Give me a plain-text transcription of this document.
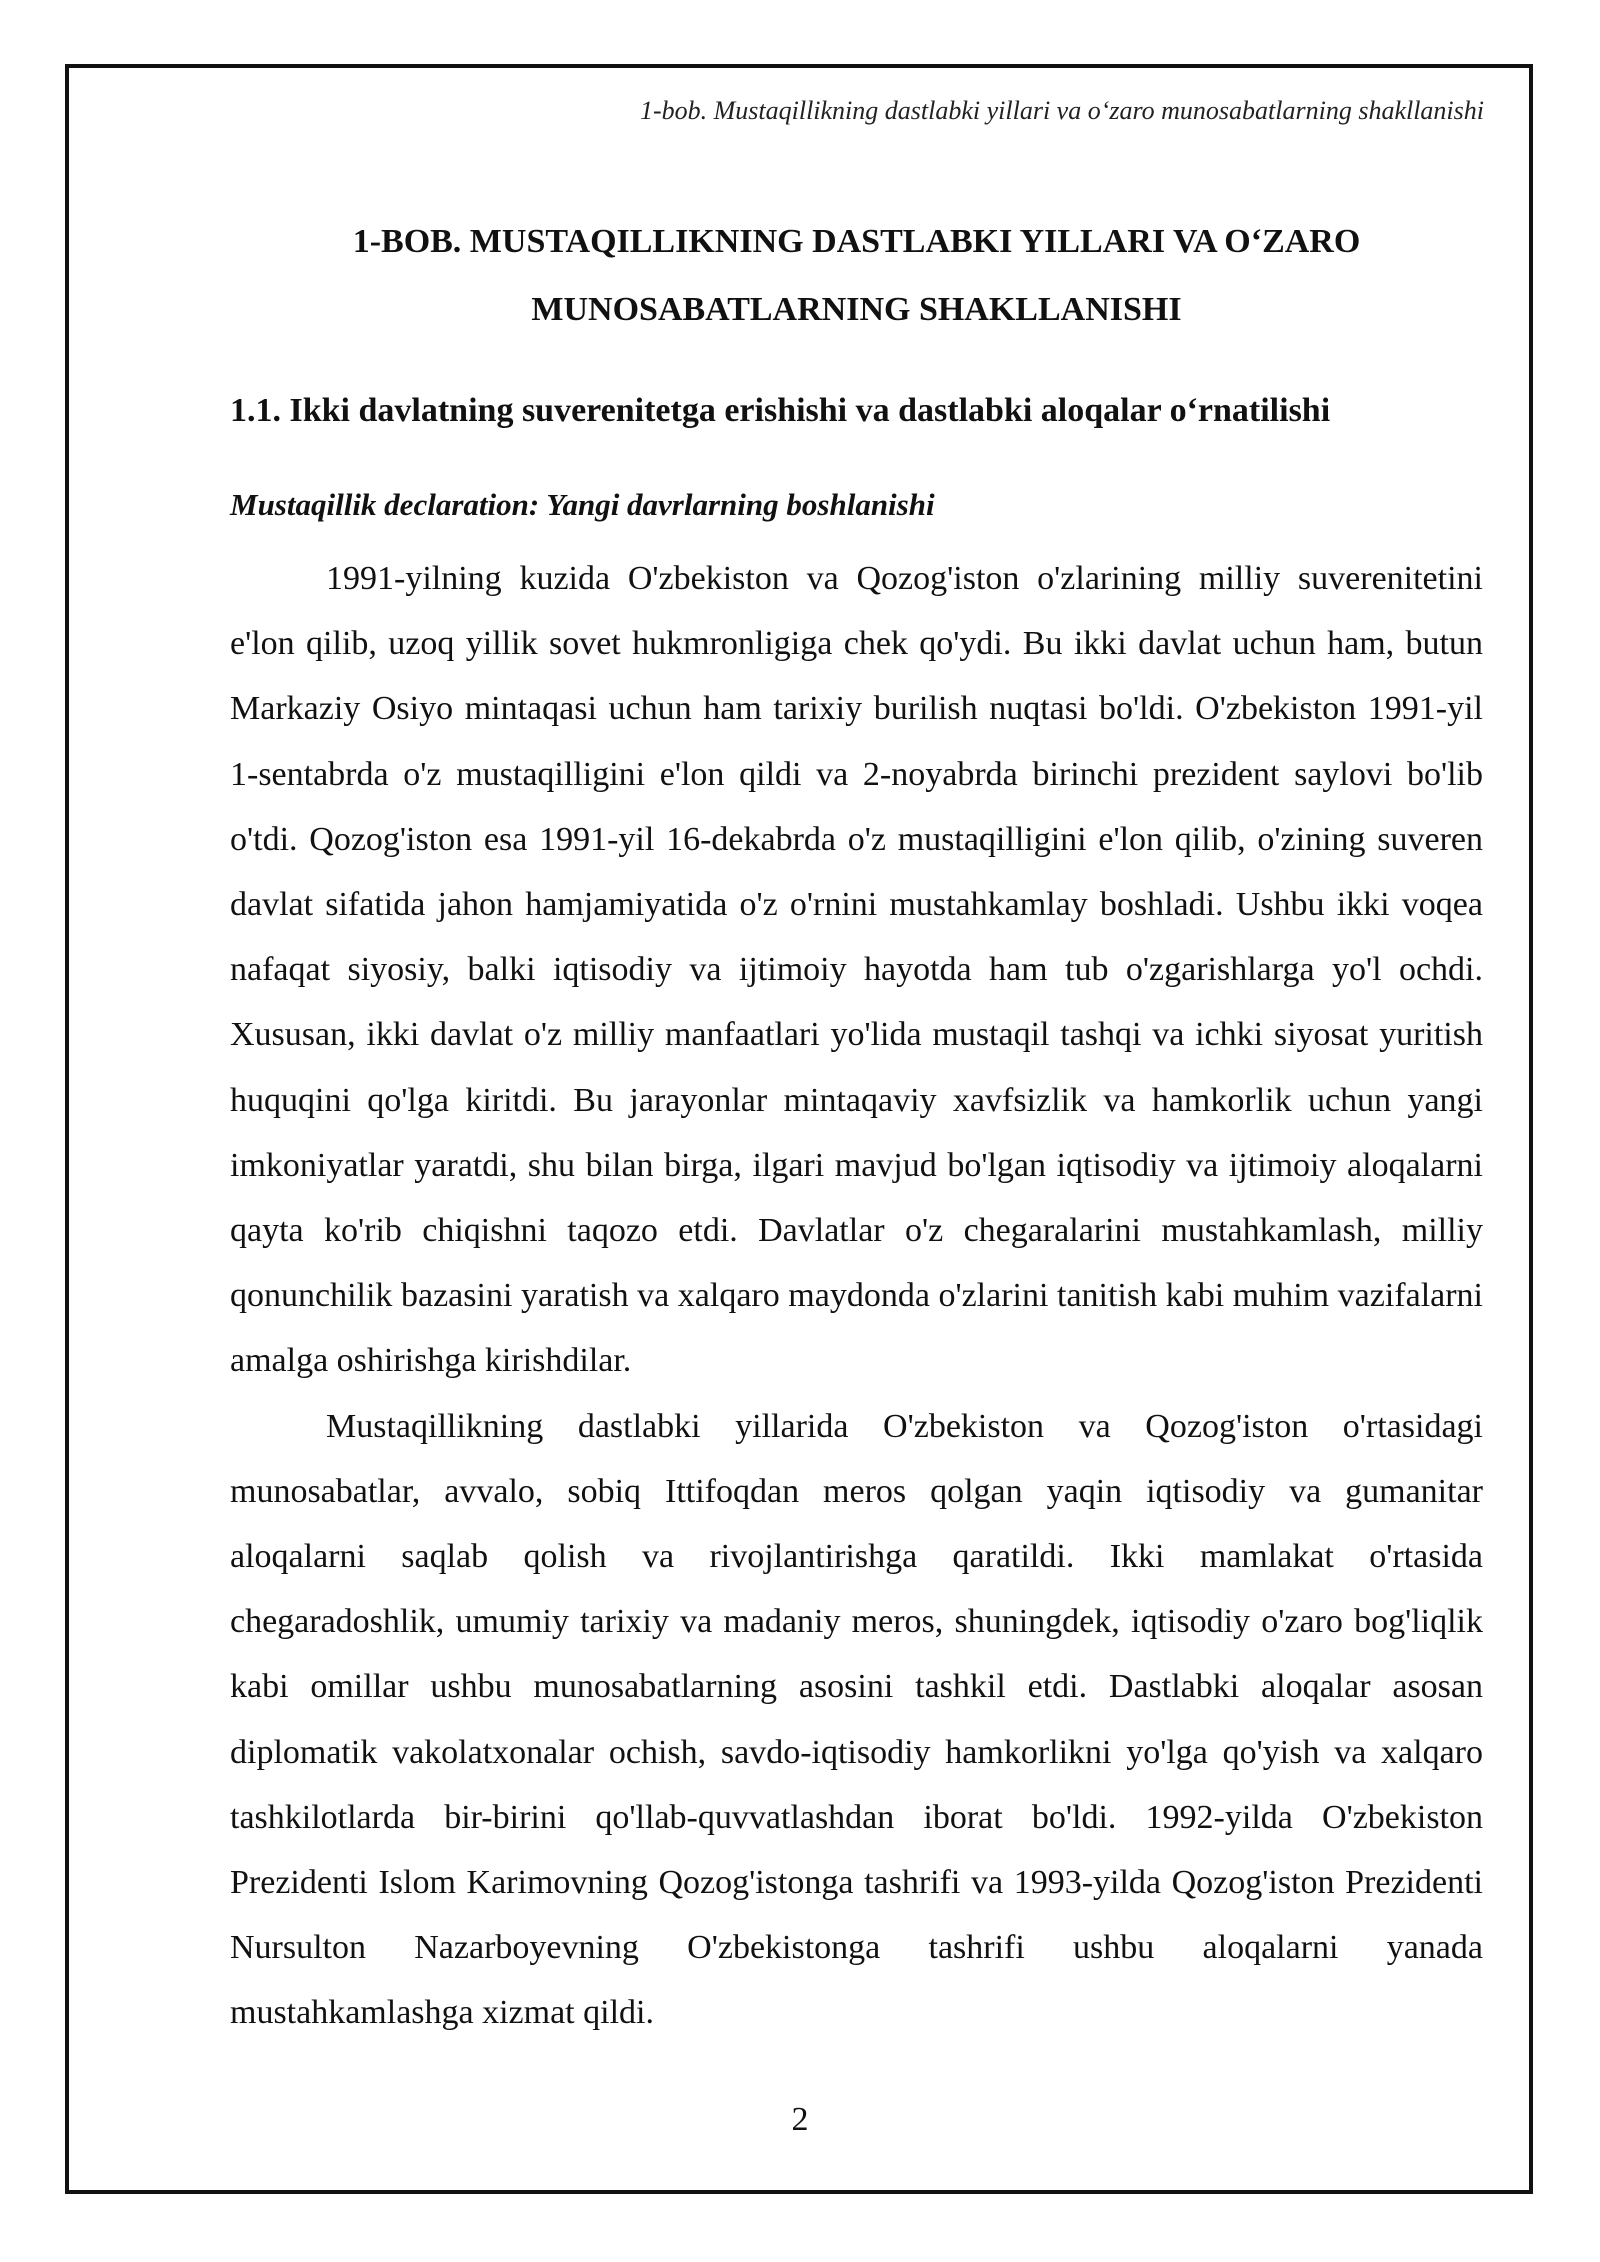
1-bob. Mustaqillikning dastlabki yillari va o‘zaro munosabatlarning shakllanishi
1-BOB. MUSTAQILLIKNING DASTLABKI YILLARI VA O‘ZARO
MUNOSABATLARNING SHAKLLANISHI
1.1. Ikki davlatning suverenitetga erishishi va dastlabki aloqalar o‘rnatilishi
Mustaqillik declaration: Yangi davrlarning boshlanishi

1991-yilning kuzida O'zbekiston va Qozog'iston o'zlarining milliy suverenitetini e'lon qilib, uzoq yillik sovet hukmronligiga chek qo'ydi. Bu ikki davlat uchun ham, butun Markaziy Osiyo mintaqasi uchun ham tarixiy burilish nuqtasi bo'ldi. O'zbekiston 1991-yil 1-sentabrda o'z mustaqilligini e'lon qildi va 2-noyabrda birinchi prezident saylovi bo'lib o'tdi. Qozog'iston esa 1991-yil 16-dekabrda o'z mustaqilligini e'lon qilib, o'zining suveren davlat sifatida jahon hamjamiyatida o'z o'rnini mustahkamlay boshladi. Ushbu ikki voqea nafaqat siyosiy, balki iqtisodiy va ijtimoiy hayotda ham tub o'zgarishlarga yo'l ochdi. Xususan, ikki davlat o'z milliy manfaatlari yo'lida mustaqil tashqi va ichki siyosat yuritish huquqini qo'lga kiritdi. Bu jarayonlar mintaqaviy xavfsizlik va hamkorlik uchun yangi imkoniyatlar yaratdi, shu bilan birga, ilgari mavjud bo'lgan iqtisodiy va ijtimoiy aloqalarni qayta ko'rib chiqishni taqozo etdi. Davlatlar o'z chegaralarini mustahkamlash, milliy qonunchilik bazasini yaratish va xalqaro maydonda o'zlarini tanitish kabi muhim vazifalarni amalga oshirishga kirishdilar.

Mustaqillikning dastlabki yillarida O'zbekiston va Qozog'iston o'rtasidagi munosabatlar, avvalo, sobiq Ittifoqdan meros qolgan yaqin iqtisodiy va gumanitar aloqalarni saqlab qolish va rivojlantirishga qaratildi. Ikki mamlakat o'rtasida chegaradoshlik, umumiy tarixiy va madaniy meros, shuningdek, iqtisodiy o'zaro bog'liqlik kabi omillar ushbu munosabatlarning asosini tashkil etdi. Dastlabki aloqalar asosan diplomatik vakolatxonalar ochish, savdo-iqtisodiy hamkorlikni yo'lga qo'yish va xalqaro tashkilotlarda bir-birini qo'llab-quvvatlashdan iborat bo'ldi. 1992-yilda O'zbekiston Prezidenti Islom Karimovning Qozog'istonga tashrifi va 1993-yilda Qozog'iston Prezidenti Nursulton Nazarboyevning O'zbekistonga tashrifi ushbu aloqalarni yanada mustahkamlashga xizmat qildi.

2
